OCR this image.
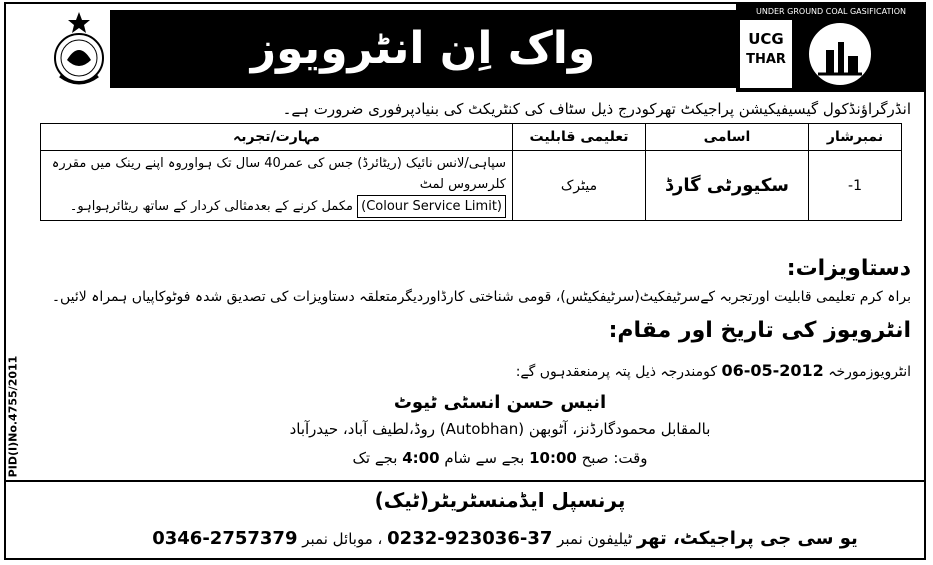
PID(I)No.4755/2011
واک اِن انٹرویوز
UNDER GROUND COAL GASIFICATION
UCG
THAR
انڈرگراؤنڈکول گیسیفیکیشن پراجیکٹ تھرکودرج ذیل سٹاف کی کنٹریکٹ کی بنیادپرفوری ضرورت ہے۔
نمبرشار	اسامی	تعلیمی قابلیت	مہارت/تجربہ
1-	سکیورٹی گارڈ	میٹرک	سپاہی/لانس نائیک (ریٹائرڈ) جس کی عمر40 سال تک ہواوروہ اپنے رینک میں مقررہ کلرسروس لمٹ
(Colour Service Limit) مکمل کرنے کے بعدمثالی کردار کے ساتھ ریٹائرہواہو۔
دستاویزات:
براہ کرم تعلیمی قابلیت اورتجربہ کےسرٹیفکیٹ(سرٹیفکیٹس)، قومی شناختی کارڈاوردیگرمتعلقہ دستاویزات کی تصدیق شدہ فوٹوکاپیاں ہمراہ لائیں۔
انٹرویوز کی تاریخ اور مقام:
انٹرویوزمورخہ 06-05-2012 کومندرجہ ذیل پتہ پرمنعقدہوں گے:
انیس حسن انسٹی ٹیوٹ
بالمقابل محمودگارڈنز، آٹوبھن (Autobhan) روڈ،لطیف آباد، حیدرآباد
وقت: صبح 10:00 بجے سے شام 4:00 بجے تک
پرنسپل ایڈمنسٹریٹر(ٹیک)
یو سی جی پراجیکٹ، تھر ٹیلیفون نمبر 0232-923036-37 ، موبائل نمبر 0346-2757379
